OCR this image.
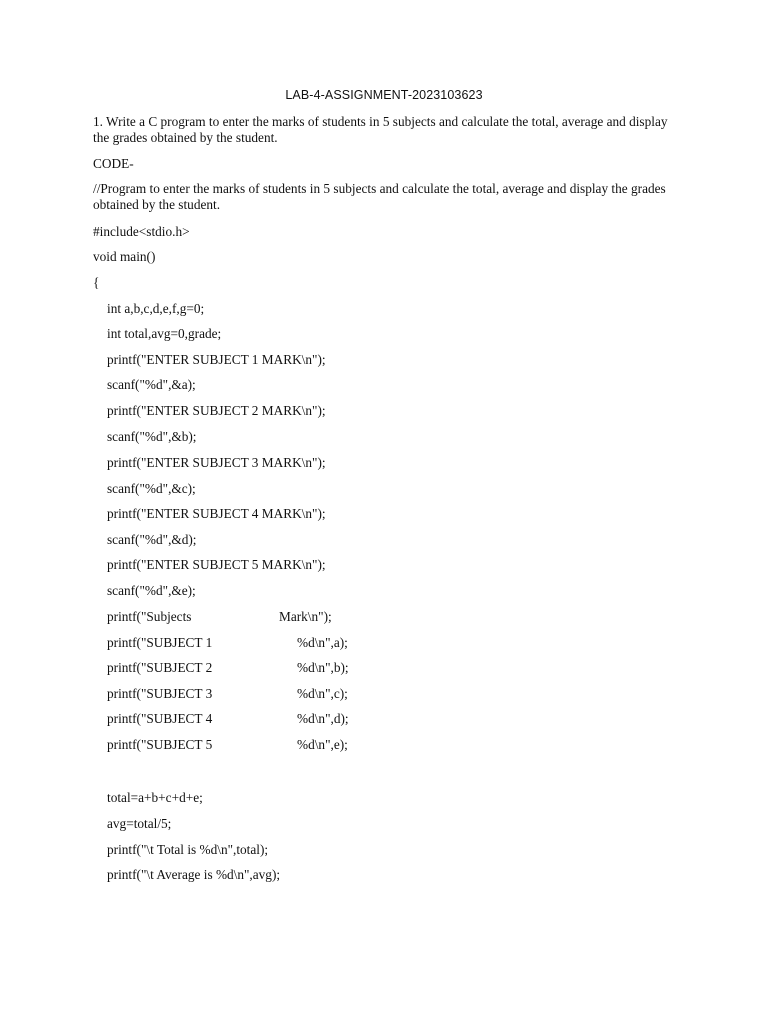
LAB-4-ASSIGNMENT-2023103623
1. Write a C program to enter the marks of students in 5 subjects and calculate the total, average and display the grades obtained by the student.
CODE-
//Program to enter the marks of students in 5 subjects and calculate the total, average and display the grades obtained by the student.
#include<stdio.h>
void main()
{
int a,b,c,d,e,f,g=0;
int total,avg=0,grade;
printf("ENTER SUBJECT 1 MARK\n");
scanf("%d",&a);
printf("ENTER SUBJECT 2 MARK\n");
scanf("%d",&b);
printf("ENTER SUBJECT 3 MARK\n");
scanf("%d",&c);
printf("ENTER SUBJECT 4 MARK\n");
scanf("%d",&d);
printf("ENTER SUBJECT 5 MARK\n");
scanf("%d",&e);
printf("Subjects	Mark\n");
printf("SUBJECT 1	%d\n",a);
printf("SUBJECT 2	%d\n",b);
printf("SUBJECT 3	%d\n",c);
printf("SUBJECT 4	%d\n",d);
printf("SUBJECT 5	%d\n",e);
total=a+b+c+d+e;
avg=total/5;
printf("\t Total is %d\n",total);
printf("\t Average is %d\n",avg);
